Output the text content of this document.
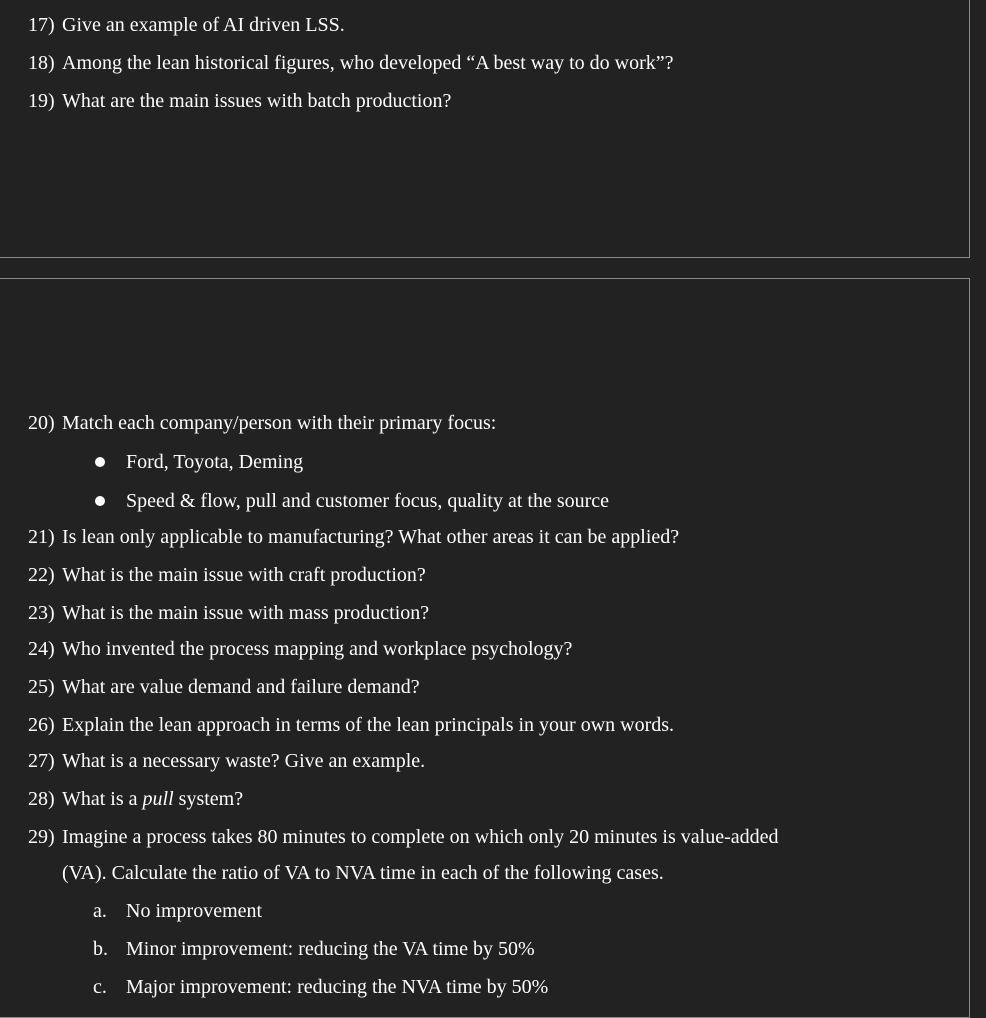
17) Give an example of AI driven LSS.
18) Among the lean historical figures, who developed “A best way to do work”?
19) What are the main issues with batch production?
20) Match each company/person with their primary focus:
Ford, Toyota, Deming
Speed & flow, pull and customer focus, quality at the source
21) Is lean only applicable to manufacturing? What other areas it can be applied?
22) What is the main issue with craft production?
23) What is the main issue with mass production?
24) Who invented the process mapping and workplace psychology?
25) What are value demand and failure demand?
26) Explain the lean approach in terms of the lean principals in your own words.
27) What is a necessary waste? Give an example.
28) What is a pull system?
29) Imagine a process takes 80 minutes to complete on which only 20 minutes is value-added
(VA). Calculate the ratio of VA to NVA time in each of the following cases.
a. No improvement
b. Minor improvement: reducing the VA time by 50%
c. Major improvement: reducing the NVA time by 50%
